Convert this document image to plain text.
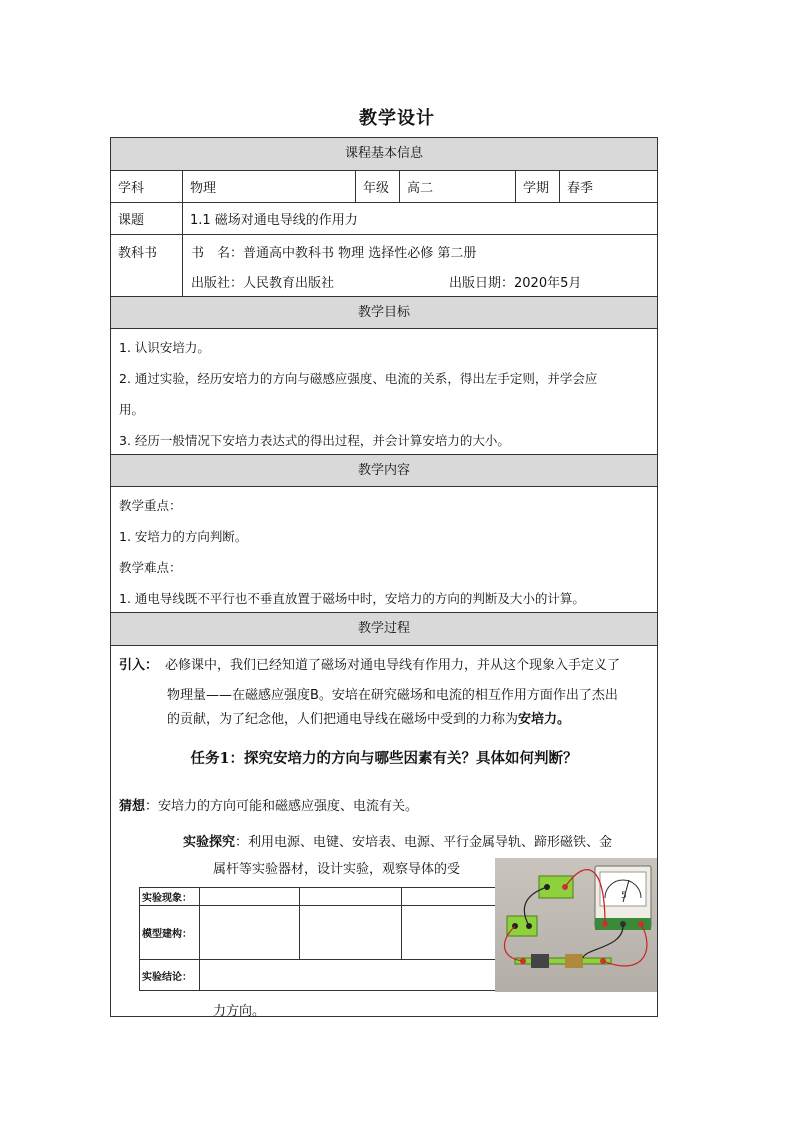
教学设计
课程基本信息
学科	物理	年级	高二	学期	春季
课题	1.1 磁场对通电导线的作用力
教科书	书　名：普通高中教科书 物理 选择性必修 第二册
出版社：人民教育出版社	出版日期：2020年5月
教学目标
1. 认识安培力。
2. 通过实验，经历安培力的方向与磁感应强度、电流的关系，得出左手定则，并学会应
用。
3. 经历一般情况下安培力表达式的得出过程，并会计算安培力的大小。
教学内容
教学重点：
1. 安培力的方向判断。
教学难点：
1. 通电导线既不平行也不垂直放置于磁场中时，安培力的方向的判断及大小的计算。
教学过程
引入： 必修课中，我们已经知道了磁场对通电导线有作用力，并从这个现象入手定义了
物理量——在磁感应强度B。安培在研究磁场和电流的相互作用方面作出了杰出
的贡献，为了纪念他，人们把通电导线在磁场中受到的力称为安培力。
任务1：探究安培力的方向与哪些因素有关？具体如何判断？
猜想：安培力的方向可能和磁感应强度、电流有关。
实验探究：利用电源、电键、安培表、电源、平行金属导轨、蹄形磁铁、金
属杆等实验器材，设计实验，观察导体的受
实验现象：
模型建构：
实验结论：
5
力方向。
